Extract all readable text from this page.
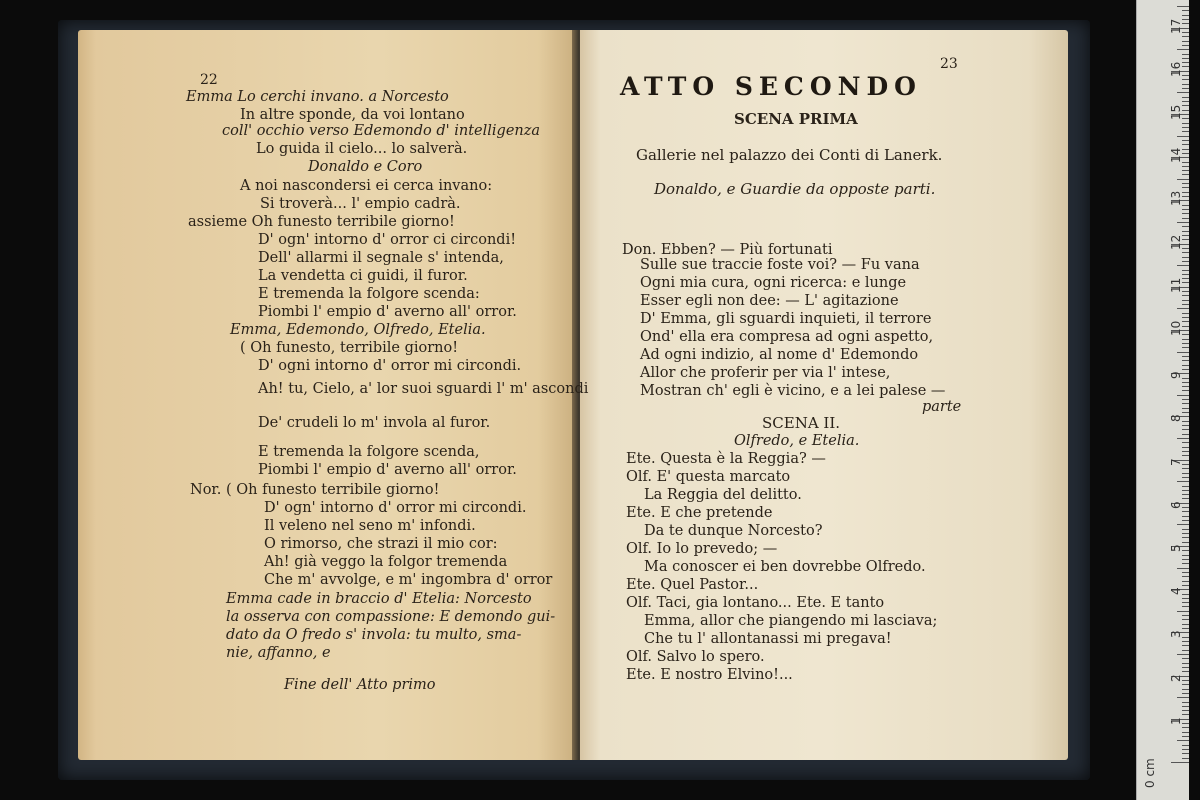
22
Emma Lo cerchi invano. a Norcesto
In altre sponde, da voi lontano
coll' occhio verso Edemondo d' intelligenza
Lo guida il cielo... lo salverà.
Donaldo e Coro
A noi nascondersi ei cerca invano:
Si troverà... l' empio cadrà.
assieme Oh funesto terribile giorno!
D' ogn' intorno d' orror ci circondi!
Dell' allarmi il segnale s' intenda,
La vendetta ci guidi, il furor.
E tremenda la folgore scenda:
Piombi l' empio d' averno all' orror.
Emma, Edemondo, Olfredo, Etelia.
( Oh funesto, terribile giorno!
D' ogni intorno d' orror mi circondi.
Ah! tu, Cielo, a' lor suoi sguardi l' m' ascondi
De' crudeli lo m' invola al furor.
E tremenda la folgore scenda,
Piombi l' empio d' averno all' orror.
Nor. ( Oh funesto terribile giorno!
D' ogn' intorno d' orror mi circondi.
Il veleno nel seno m' infondi.
O rimorso, che strazi il mio cor:
Ah! già veggo la folgor tremenda
Che m' avvolge, e m' ingombra d' orror
Emma cade in braccio d' Etelia: Norcesto
la osserva con compassione: E demondo gui-
dato da O fredo s' invola: tu multo, sma-
nie, affanno, e
Fine dell' Atto primo
23
ATTO SECONDO
SCENA PRIMA
Gallerie nel palazzo dei Conti di Lanerk.
Donaldo, e Guardie da opposte parti.
Don. Ebben? — Più fortunati
Sulle sue traccie foste voi? — Fu vana
Ogni mia cura, ogni ricerca: e lunge
Esser egli non dee: — L' agitazione
D' Emma, gli sguardi inquieti, il terrore
Ond' ella era compresa ad ogni aspetto,
Ad ogni indizio, al nome d' Edemondo
Allor che proferir per via l' intese,
Mostran ch' egli è vicino, e a lei palese —
parte
SCENA II.
Olfredo, e Etelia.
Ete. Questa è la Reggia? —
Olf. E' questa marcato
La Reggia del delitto.
Ete. E che pretende
Da te dunque Norcesto?
Olf. Io lo prevedo; —
Ma conoscer ei ben dovrebbe Olfredo.
Ete. Quel Pastor...
Olf. Taci, gia lontano... Ete. E tanto
Emma, allor che piangendo mi lasciava;
Che tu l' allontanassi mi pregava!
Olf. Salvo lo spero.
Ete. E nostro Elvino!...
0 cm
1
2
3
4
5
6
7
8
9
10
11
12
13
14
15
16
17
